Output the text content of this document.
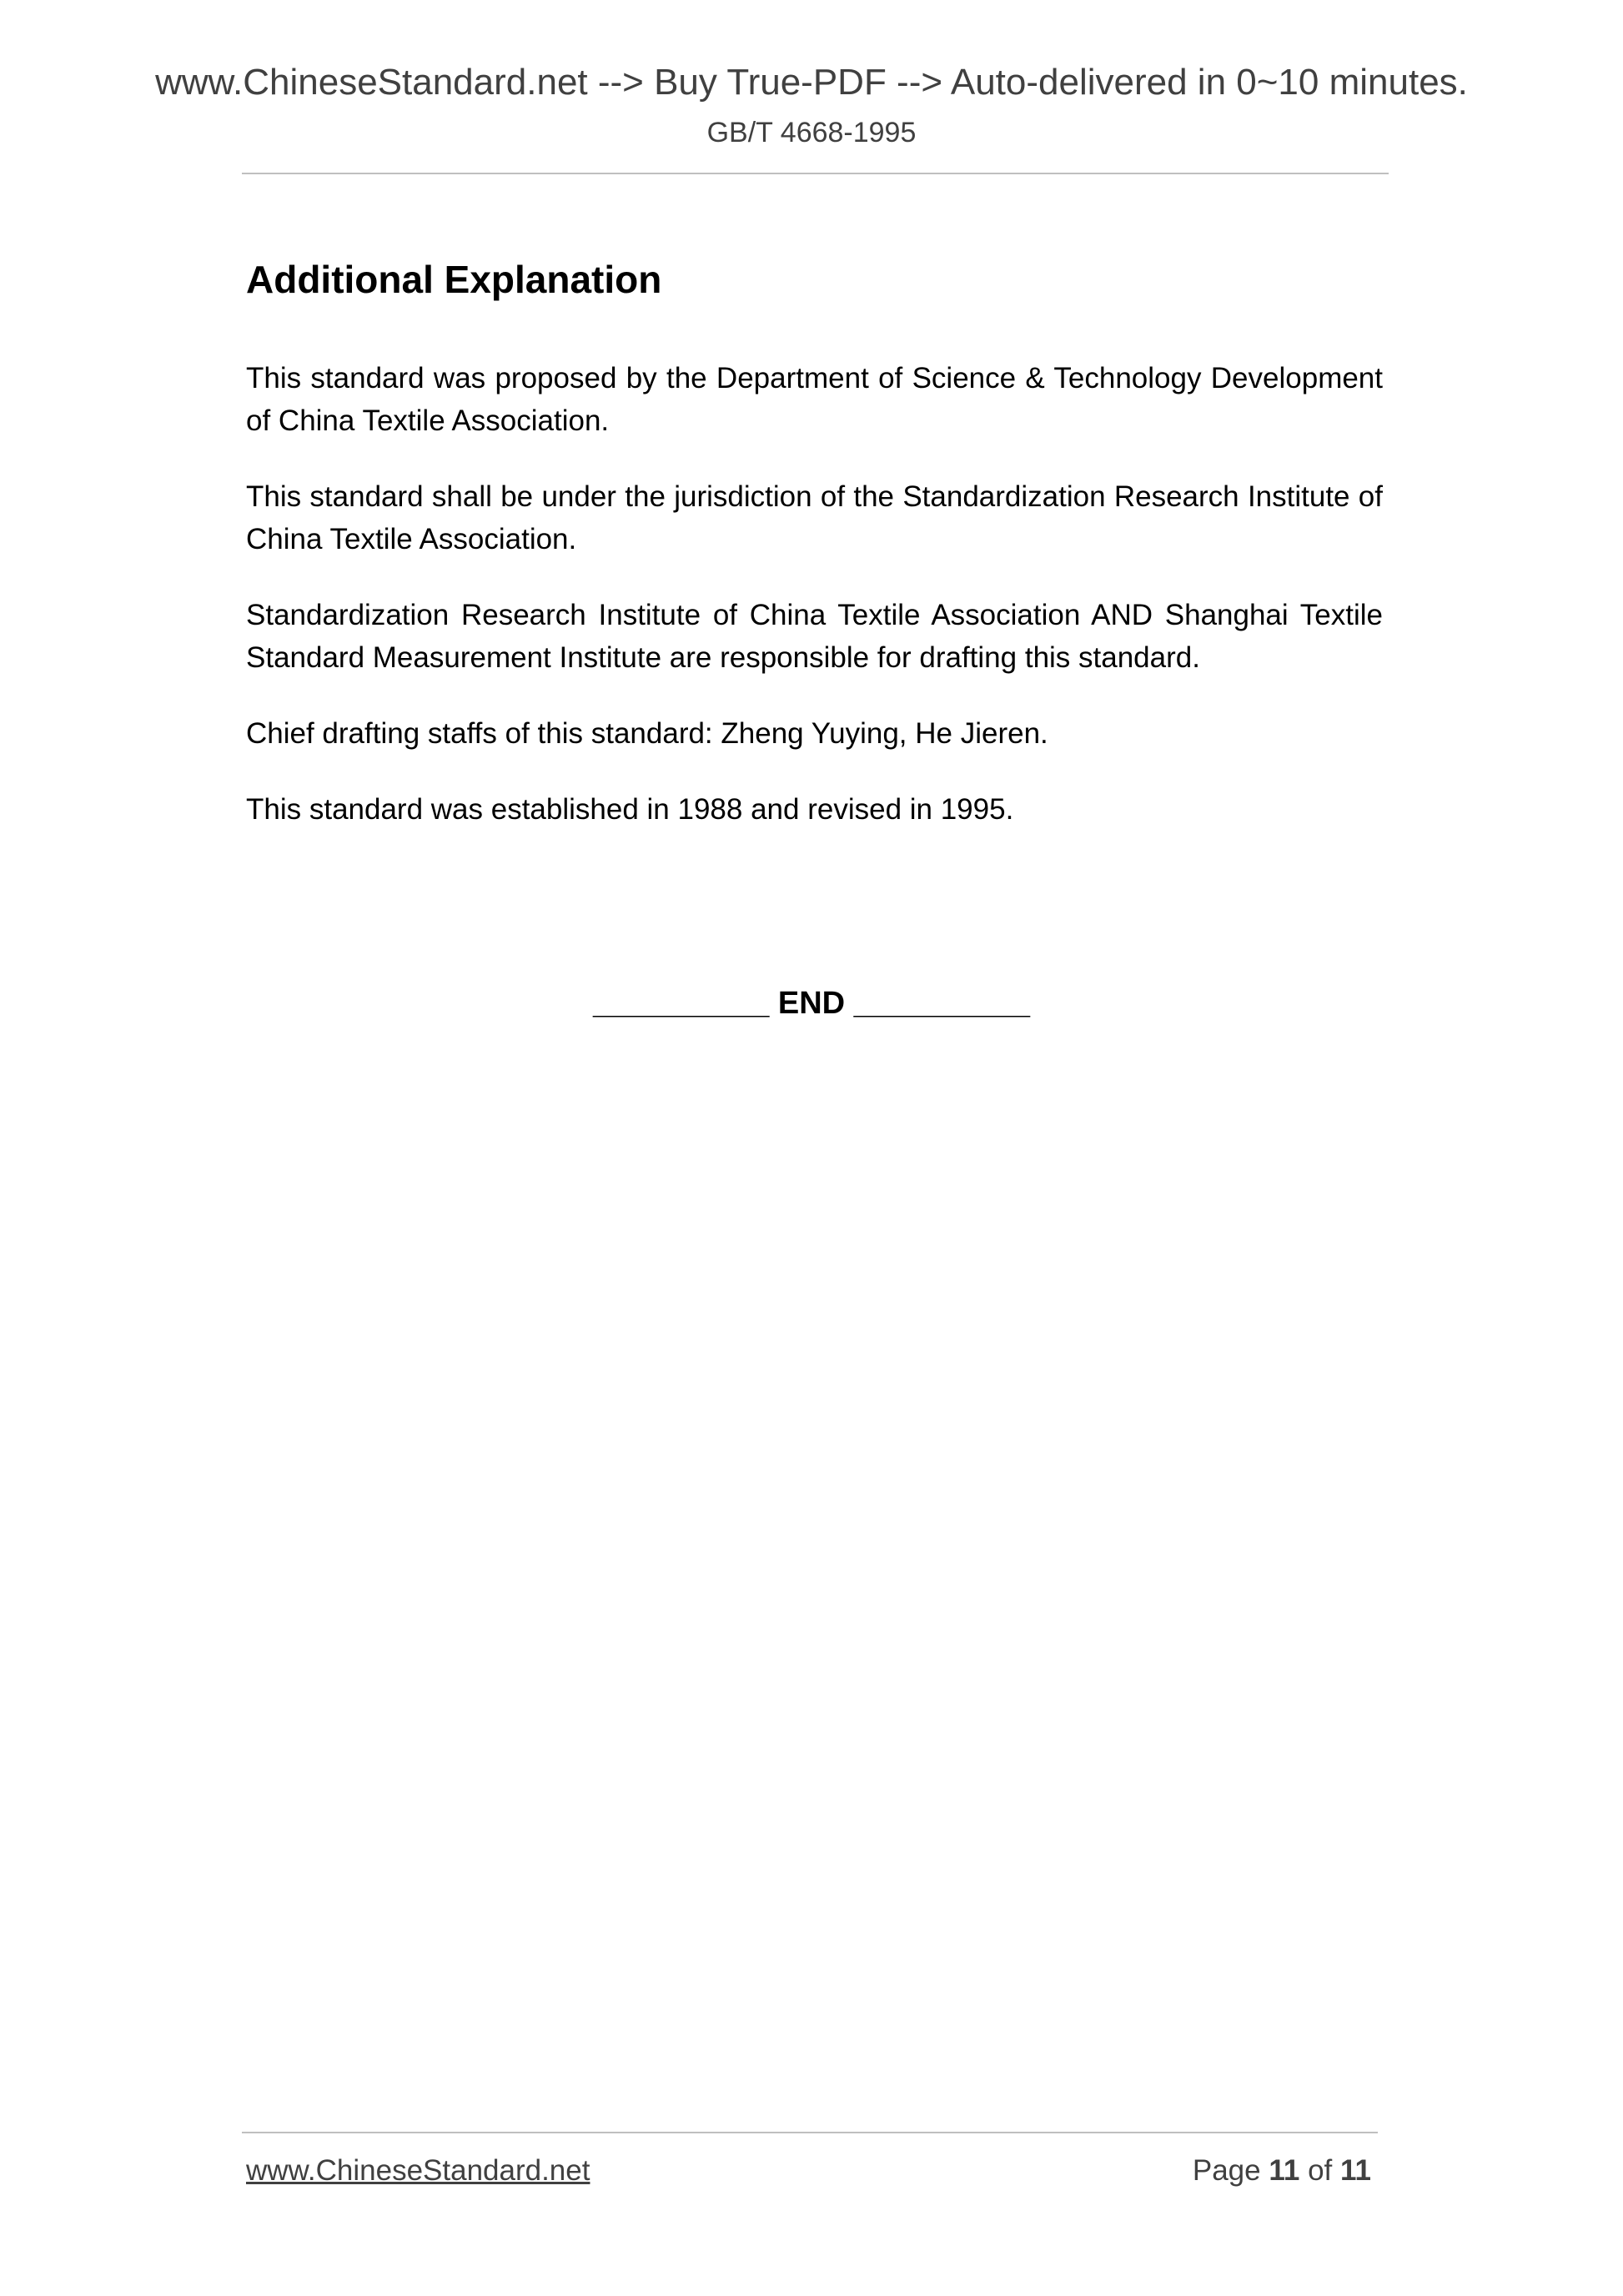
www.ChineseStandard.net --> Buy True-PDF --> Auto-delivered in 0~10 minutes.
GB/T 4668-1995
Additional Explanation

This standard was proposed by the Department of Science & Technology Development of China Textile Association.

This standard shall be under the jurisdiction of the Standardization Research Institute of China Textile Association.

Standardization Research Institute of China Textile Association AND Shanghai Textile Standard Measurement Institute are responsible for drafting this standard.

Chief drafting staffs of this standard: Zheng Yuying, He Jieren.

This standard was established in 1988 and revised in 1995.

__________ END __________
www.ChineseStandard.net	Page 11 of 11
